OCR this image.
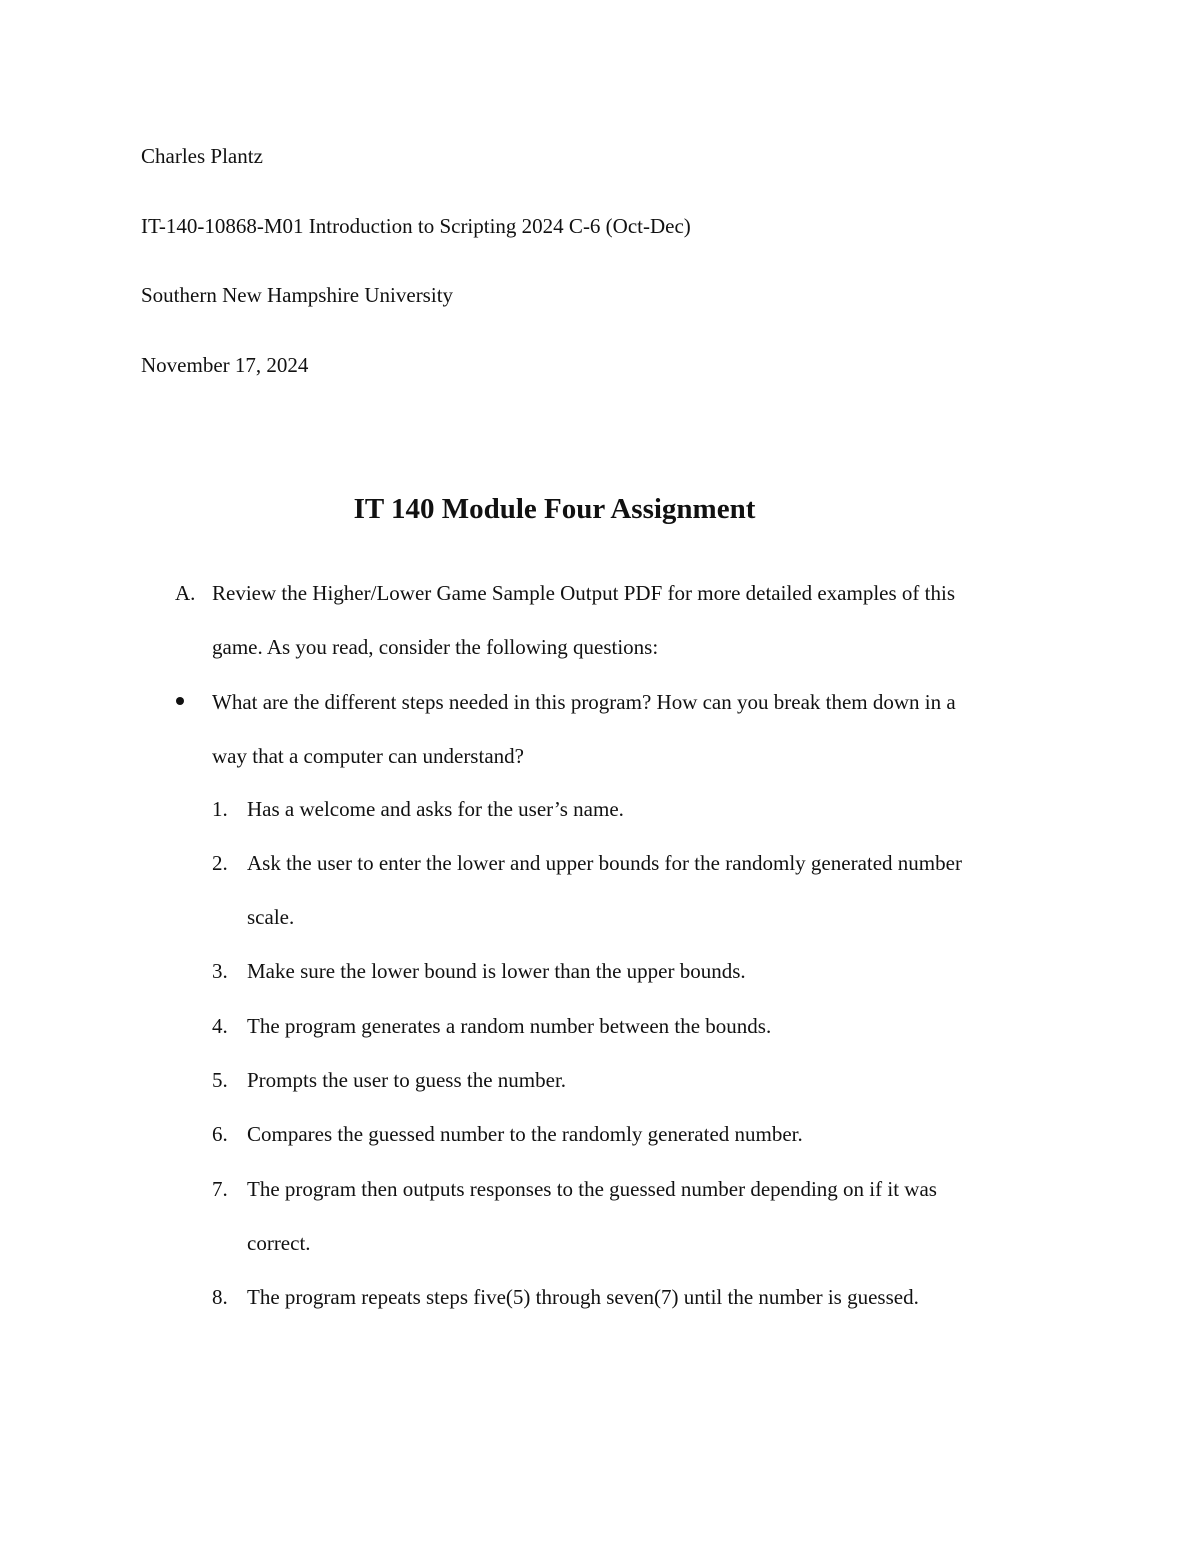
Charles Plantz
IT-140-10868-M01 Introduction to Scripting 2024 C-6 (Oct-Dec)
Southern New Hampshire University
November 17, 2024
IT 140 Module Four Assignment
A. Review the Higher/Lower Game Sample Output PDF for more detailed examples of this
game. As you read, consider the following questions:
What are the different steps needed in this program? How can you break them down in a
way that a computer can understand?
1. Has a welcome and asks for the user’s name.
2. Ask the user to enter the lower and upper bounds for the randomly generated number
scale.
3. Make sure the lower bound is lower than the upper bounds.
4. The program generates a random number between the bounds.
5. Prompts the user to guess the number.
6. Compares the guessed number to the randomly generated number.
7. The program then outputs responses to the guessed number depending on if it was
correct.
8. The program repeats steps five(5) through seven(7) until the number is guessed.
